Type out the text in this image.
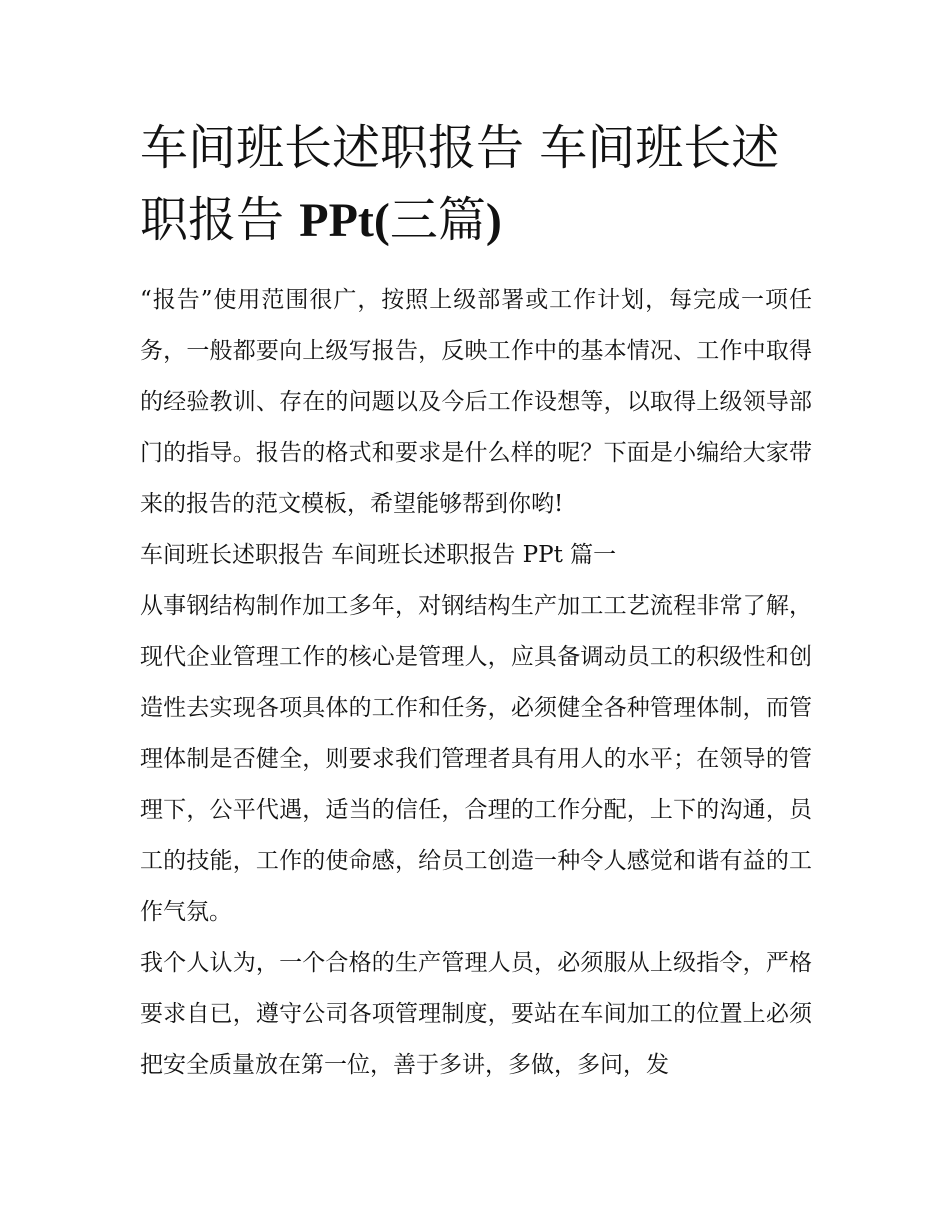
车间班长述职报告 车间班长述职报告 PPt(三篇)

“报告”使用范围很广，按照上级部署或工作计划，每完成一项任务，一般都要向上级写报告，反映工作中的基本情况、工作中取得的经验教训、存在的问题以及今后工作设想等，以取得上级领导部门的指导。报告的格式和要求是什么样的呢？下面是小编给大家带来的报告的范文模板，希望能够帮到你哟!

车间班长述职报告 车间班长述职报告 PPt 篇一

从事钢结构制作加工多年，对钢结构生产加工工艺流程非常了解，现代企业管理工作的核心是管理人，应具备调动员工的积级性和创造性去实现各项具体的工作和任务，必须健全各种管理体制，而管理体制是否健全，则要求我们管理者具有用人的水平；在领导的管理下，公平代遇，适当的信任，合理的工作分配，上下的沟通，员工的技能，工作的使命感，给员工创造一种令人感觉和谐有益的工作气氛。

我个人认为，一个合格的生产管理人员，必须服从上级指令，严格要求自已，遵守公司各项管理制度，要站在车间加工的位置上必须把安全质量放在第一位，善于多讲，多做，多问，发
